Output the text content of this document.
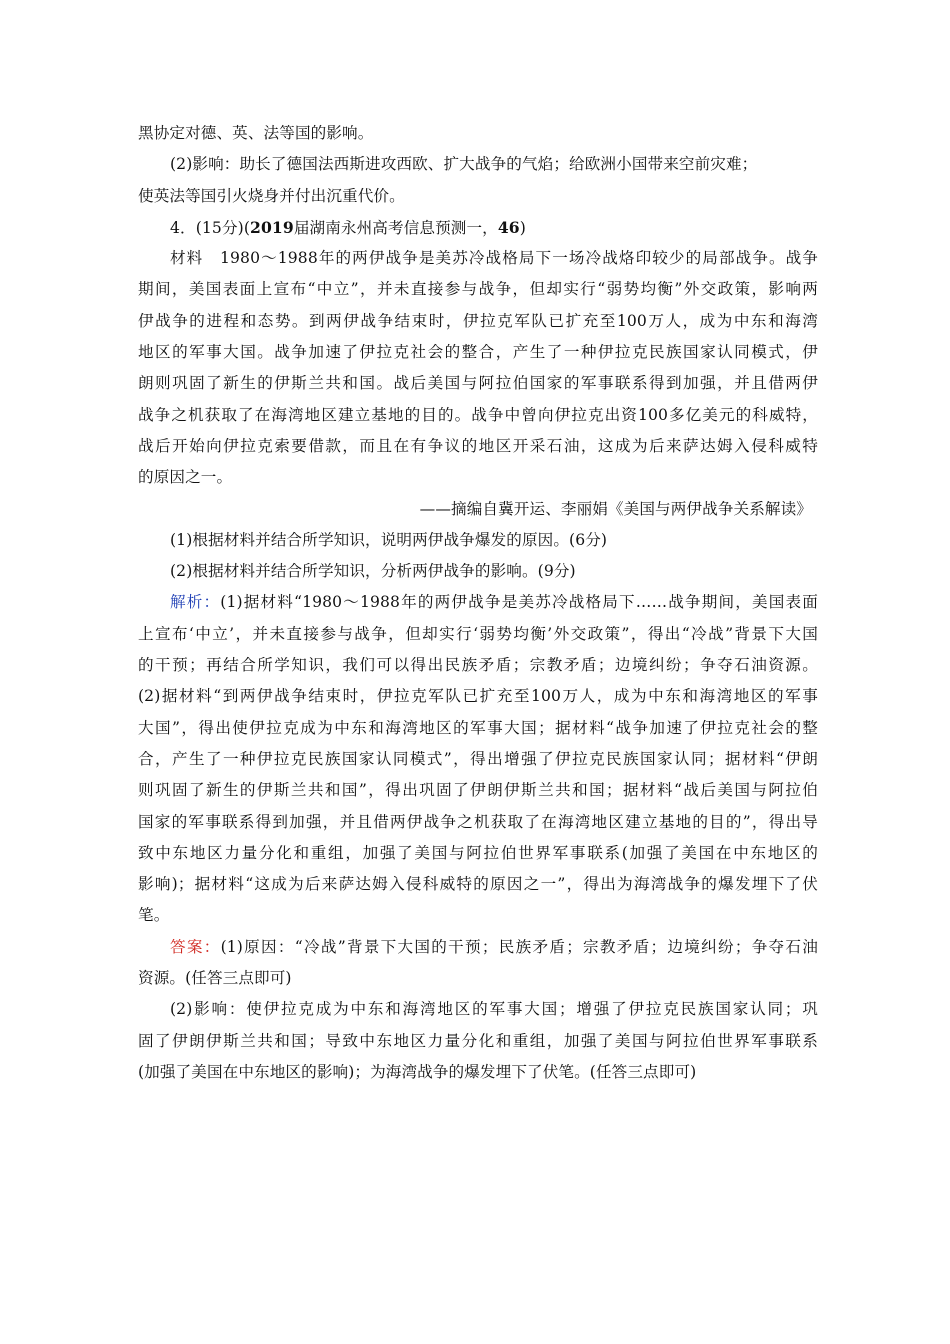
黑协定对德、英、法等国的影响。
(2)影响：助长了德国法西斯进攻西欧、扩大战争的气焰；给欧洲小国带来空前灾难；
使英法等国引火烧身并付出沉重代价。
4．(15分)(2019届湖南永州高考信息预测一，46)
材料　1980～1988年的两伊战争是美苏冷战格局下一场冷战烙印较少的局部战争。战争
期间，美国表面上宣布“中立”，并未直接参与战争，但却实行“弱势均衡”外交政策，影响两
伊战争的进程和态势。到两伊战争结束时，伊拉克军队已扩充至100万人，成为中东和海湾
地区的军事大国。战争加速了伊拉克社会的整合，产生了一种伊拉克民族国家认同模式，伊
朗则巩固了新生的伊斯兰共和国。战后美国与阿拉伯国家的军事联系得到加强，并且借两伊
战争之机获取了在海湾地区建立基地的目的。战争中曾向伊拉克出资100多亿美元的科威特，
战后开始向伊拉克索要借款，而且在有争议的地区开采石油，这成为后来萨达姆入侵科威特
的原因之一。
——摘编自冀开运、李丽娟《美国与两伊战争关系解读》
(1)根据材料并结合所学知识，说明两伊战争爆发的原因。(6分)
(2)根据材料并结合所学知识，分析两伊战争的影响。(9分)
解析：(1)据材料“1980～1988年的两伊战争是美苏冷战格局下……战争期间，美国表面
上宣布‘中立’，并未直接参与战争，但却实行‘弱势均衡’外交政策”，得出“冷战”背景下大国
的干预；再结合所学知识，我们可以得出民族矛盾；宗教矛盾；边境纠纷；争夺石油资源。
(2)据材料“到两伊战争结束时，伊拉克军队已扩充至100万人，成为中东和海湾地区的军事
大国”，得出使伊拉克成为中东和海湾地区的军事大国；据材料“战争加速了伊拉克社会的整
合，产生了一种伊拉克民族国家认同模式”，得出增强了伊拉克民族国家认同；据材料“伊朗
则巩固了新生的伊斯兰共和国”，得出巩固了伊朗伊斯兰共和国；据材料“战后美国与阿拉伯
国家的军事联系得到加强，并且借两伊战争之机获取了在海湾地区建立基地的目的”，得出导
致中东地区力量分化和重组，加强了美国与阿拉伯世界军事联系(加强了美国在中东地区的
影响)；据材料“这成为后来萨达姆入侵科威特的原因之一”，得出为海湾战争的爆发埋下了伏
笔。
答案：(1)原因：“冷战”背景下大国的干预；民族矛盾；宗教矛盾；边境纠纷；争夺石油
资源。(任答三点即可)
(2)影响：使伊拉克成为中东和海湾地区的军事大国；增强了伊拉克民族国家认同；巩
固了伊朗伊斯兰共和国；导致中东地区力量分化和重组，加强了美国与阿拉伯世界军事联系
(加强了美国在中东地区的影响)；为海湾战争的爆发埋下了伏笔。(任答三点即可)
